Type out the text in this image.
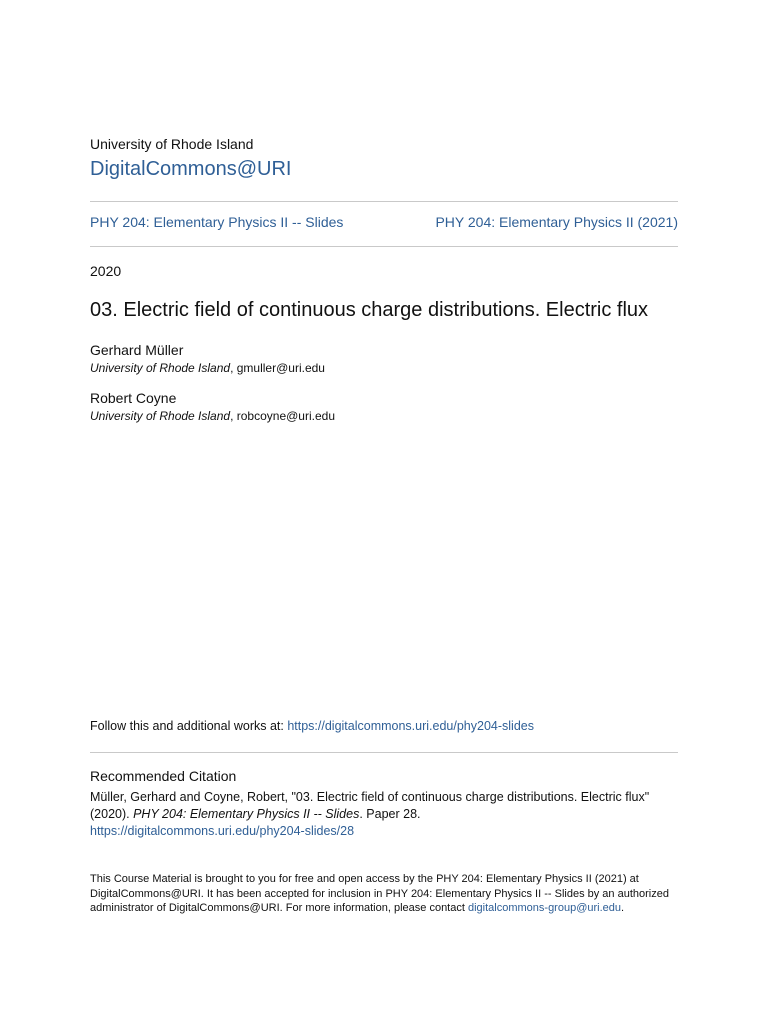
University of Rhode Island
DigitalCommons@URI
PHY 204: Elementary Physics II -- Slides	PHY 204: Elementary Physics II (2021)
2020
03. Electric field of continuous charge distributions. Electric flux
Gerhard Müller
University of Rhode Island, gmuller@uri.edu
Robert Coyne
University of Rhode Island, robcoyne@uri.edu
Follow this and additional works at: https://digitalcommons.uri.edu/phy204-slides
Recommended Citation
Müller, Gerhard and Coyne, Robert, "03. Electric field of continuous charge distributions. Electric flux" (2020). PHY 204: Elementary Physics II -- Slides. Paper 28.
https://digitalcommons.uri.edu/phy204-slides/28
This Course Material is brought to you for free and open access by the PHY 204: Elementary Physics II (2021) at DigitalCommons@URI. It has been accepted for inclusion in PHY 204: Elementary Physics II -- Slides by an authorized administrator of DigitalCommons@URI. For more information, please contact digitalcommons-group@uri.edu.
